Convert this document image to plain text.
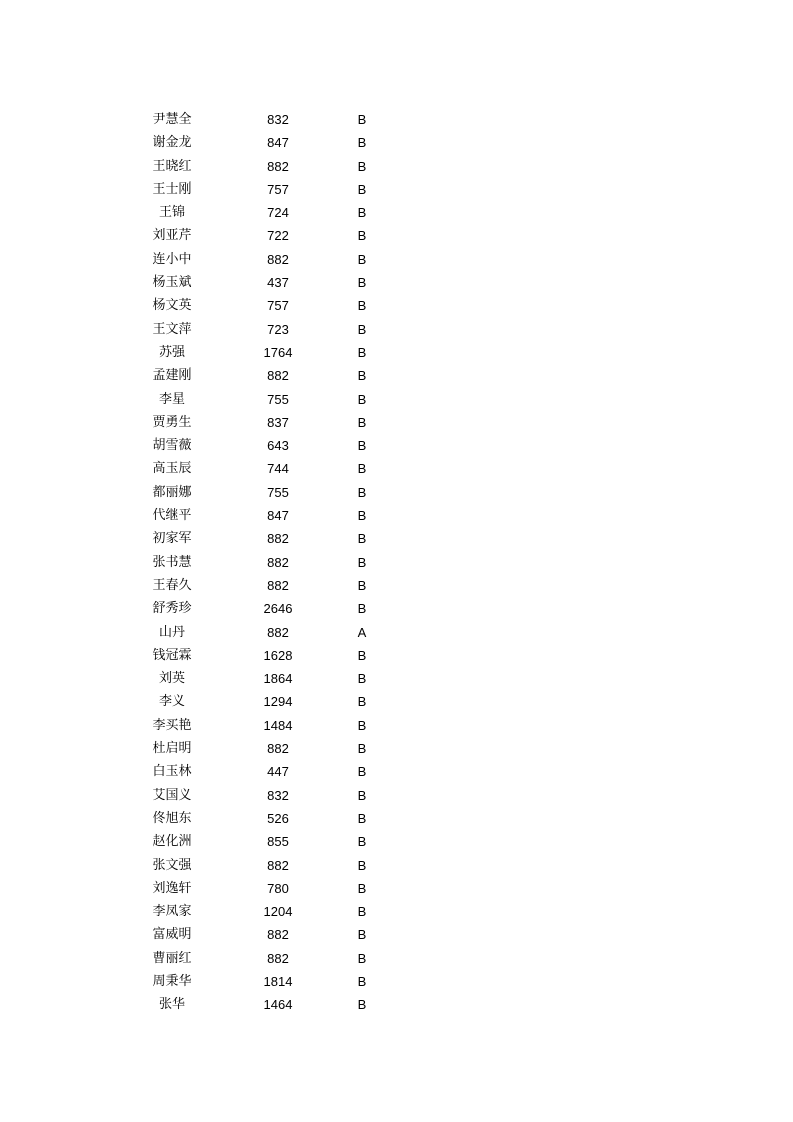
尹慧全	832	B
谢金龙	847	B
王晓红	882	B
王士刚	757	B
王锦	724	B
刘亚芹	722	B
连小中	882	B
杨玉斌	437	B
杨文英	757	B
王文萍	723	B
苏强	1764	B
孟建刚	882	B
李星	755	B
贾勇生	837	B
胡雪薇	643	B
高玉辰	744	B
都丽娜	755	B
代继平	847	B
初家军	882	B
张书慧	882	B
王春久	882	B
舒秀珍	2646	B
山丹	882	A
钱冠霖	1628	B
刘英	1864	B
李义	1294	B
李买艳	1484	B
杜启明	882	B
白玉林	447	B
艾国义	832	B
佟旭东	526	B
赵化洲	855	B
张文强	882	B
刘逸轩	780	B
李凤家	1204	B
富威明	882	B
曹丽红	882	B
周秉华	1814	B
张华	1464	B
